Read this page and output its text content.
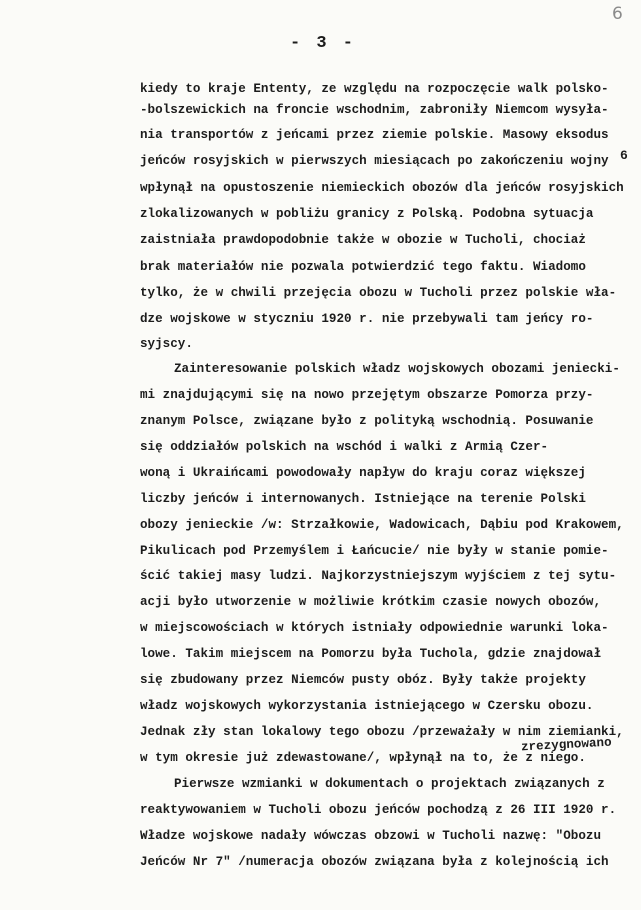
6
- 3 -
kiedy to kraje Ententy, ze względu na rozpoczęcie walk polsko-
-bolszewickich na froncie wschodnim, zabroniły Niemcom wysyła-
nia transportów z jeńcami przez ziemie polskie. Masowy eksodus
jeńców rosyjskich w pierwszych miesiącach po zakończeniu wojny 6
wpłynął na opustoszenie niemieckich obozów dla jeńców rosyjskich
zlokalizowanych w pobliżu granicy z Polską. Podobna sytuacja
zaistniała prawdopodobnie także w obozie w Tucholi, chociaż
brak materiałów nie pozwala potwierdzić tego faktu. Wiadomo
tylko, że w chwili przejęcia obozu w Tucholi przez polskie wła-
dze wojskowe w styczniu 1920 r. nie przebywali tam jeńcy ro-
syjscy.
Zainteresowanie polskich władz wojskowych obozami jeniecki-
mi znajdującymi się na nowo przejętym obszarze Pomorza przy-
znanym Polsce, związane było z polityką wschodnią. Posuwanie
się oddziałów polskich na wschód i walki z Armią Czer-
woną i Ukraińcami powodowały napływ do kraju coraz większej
liczby jeńców i internowanych. Istniejące na terenie Polski
obozy jenieckie /w: Strzałkowie, Wadowicach, Dąbiu pod Krakowem,
Pikulicach pod Przemyślem i Łańcucie/ nie były w stanie pomie-
ścić takiej masy ludzi. Najkorzystniejszym wyjściem z tej sytu-
acji było utworzenie w możliwie krótkim czasie nowych obozów,
w miejscowościach w których istniały odpowiednie warunki loka-
lowe. Takim miejscem na Pomorzu była Tuchola, gdzie znajdował
się zbudowany przez Niemców pusty obóz. Były także projekty
władz wojskowych wykorzystania istniejącego w Czersku obozu.
Jednak zły stan lokalowy tego obozu /przeważały w nim ziemianki,
zrezygnowano
w tym okresie już zdewastowane/, wpłynął na to, że z niego.
Pierwsze wzmianki w dokumentach o projektach związanych z
reaktywowaniem w Tucholi obozu jeńców pochodzą z 26 III 1920 r.
Władze wojskowe nadały wówczas obzowi w Tucholi nazwę: "Obozu
Jeńców Nr 7" /numeracja obozów związana była z kolejnością ich
